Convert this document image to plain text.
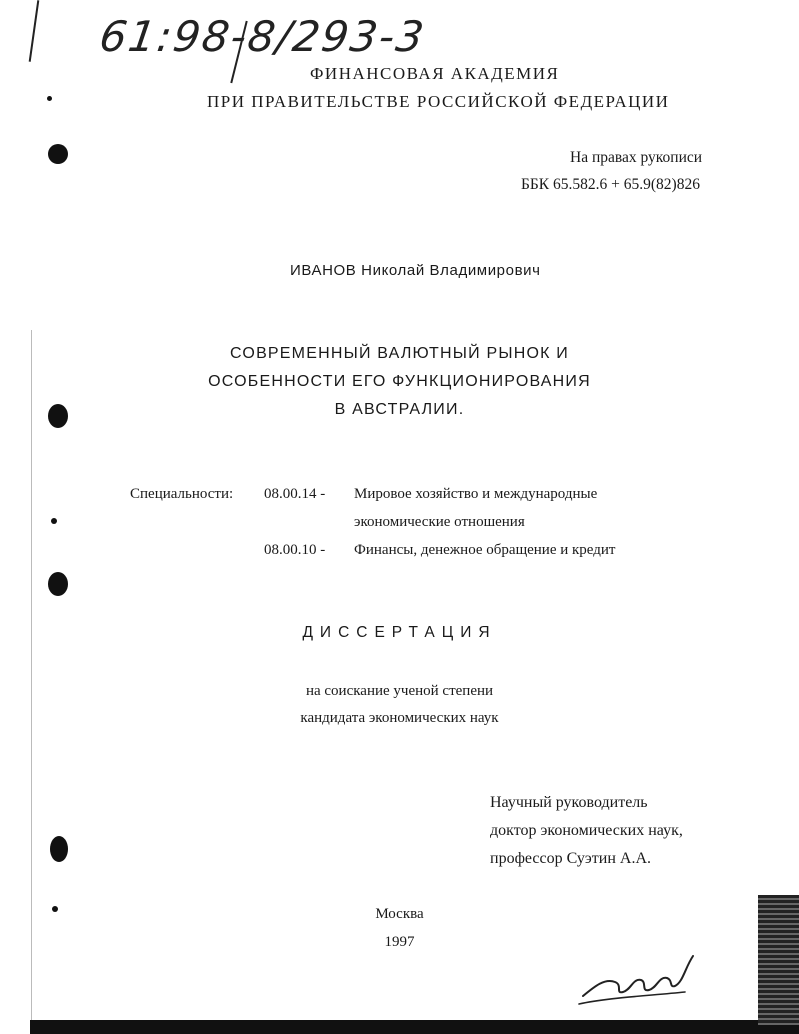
61:98-8/293-3
ФИНАНСОВАЯ АКАДЕМИЯ
ПРИ ПРАВИТЕЛЬСТВЕ РОССИЙСКОЙ ФЕДЕРАЦИИ
На правах рукописи
ББК 65.582.6 + 65.9(82)826
ИВАНОВ Николай Владимирович
СОВРЕМЕННЫЙ ВАЛЮТНЫЙ РЫНОК И
ОСОБЕННОСТИ ЕГО ФУНКЦИОНИРОВАНИЯ
В АВСТРАЛИИ.
Специальности: 08.00.14 - Мировое хозяйство и международные
экономические отношения
08.00.10 - Финансы, денежное обращение и кредит
ДИССЕРТАЦИЯ
на соискание ученой степени
кандидата экономических наук
Научный руководитель
доктор экономических наук,
профессор Суэтин А.А.
Москва
1997
